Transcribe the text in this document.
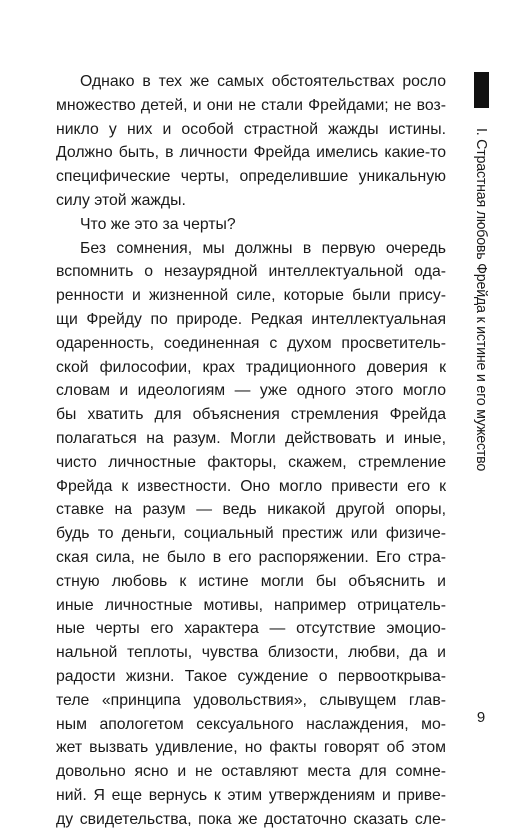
I. Страстная любовь Фрейда к истине и его мужество
Однако в тех же самых обстоятельствах росло
множество детей, и они не стали Фрейдами; не воз-
никло у них и особой страстной жажды истины.
Должно быть, в личности Фрейда имелись какие-то
специфические черты, определившие уникальную
силу этой жажды.
Что же это за черты?
Без сомнения, мы должны в первую очередь
вспомнить о незаурядной интеллектуальной ода-
ренности и жизненной силе, которые были прису-
щи Фрейду по природе. Редкая интеллектуальная
одаренность, соединенная с духом просветитель-
ской философии, крах традиционного доверия к
словам и идеологиям — уже одного этого могло
бы хватить для объяснения стремления Фрейда
полагаться на разум. Могли действовать и иные,
чисто личностные факторы, скажем, стремление
Фрейда к известности. Оно могло привести его к
ставке на разум — ведь никакой другой опоры,
будь то деньги, социальный престиж или физиче-
ская сила, не было в его распоряжении. Его стра-
стную любовь к истине могли бы объяснить и
иные личностные мотивы, например отрицатель-
ные черты его характера — отсутствие эмоцио-
нальной теплоты, чувства близости, любви, да и
радости жизни. Такое суждение о первооткрыва-
теле «принципа удовольствия», слывущем глав-
ным апологетом сексуального наслаждения, мо-
жет вызвать удивление, но факты говорят об этом
довольно ясно и не оставляют места для сомне-
ний. Я еще вернусь к этим утверждениям и приве-
ду свидетельства, пока же достаточно сказать сле-
9
